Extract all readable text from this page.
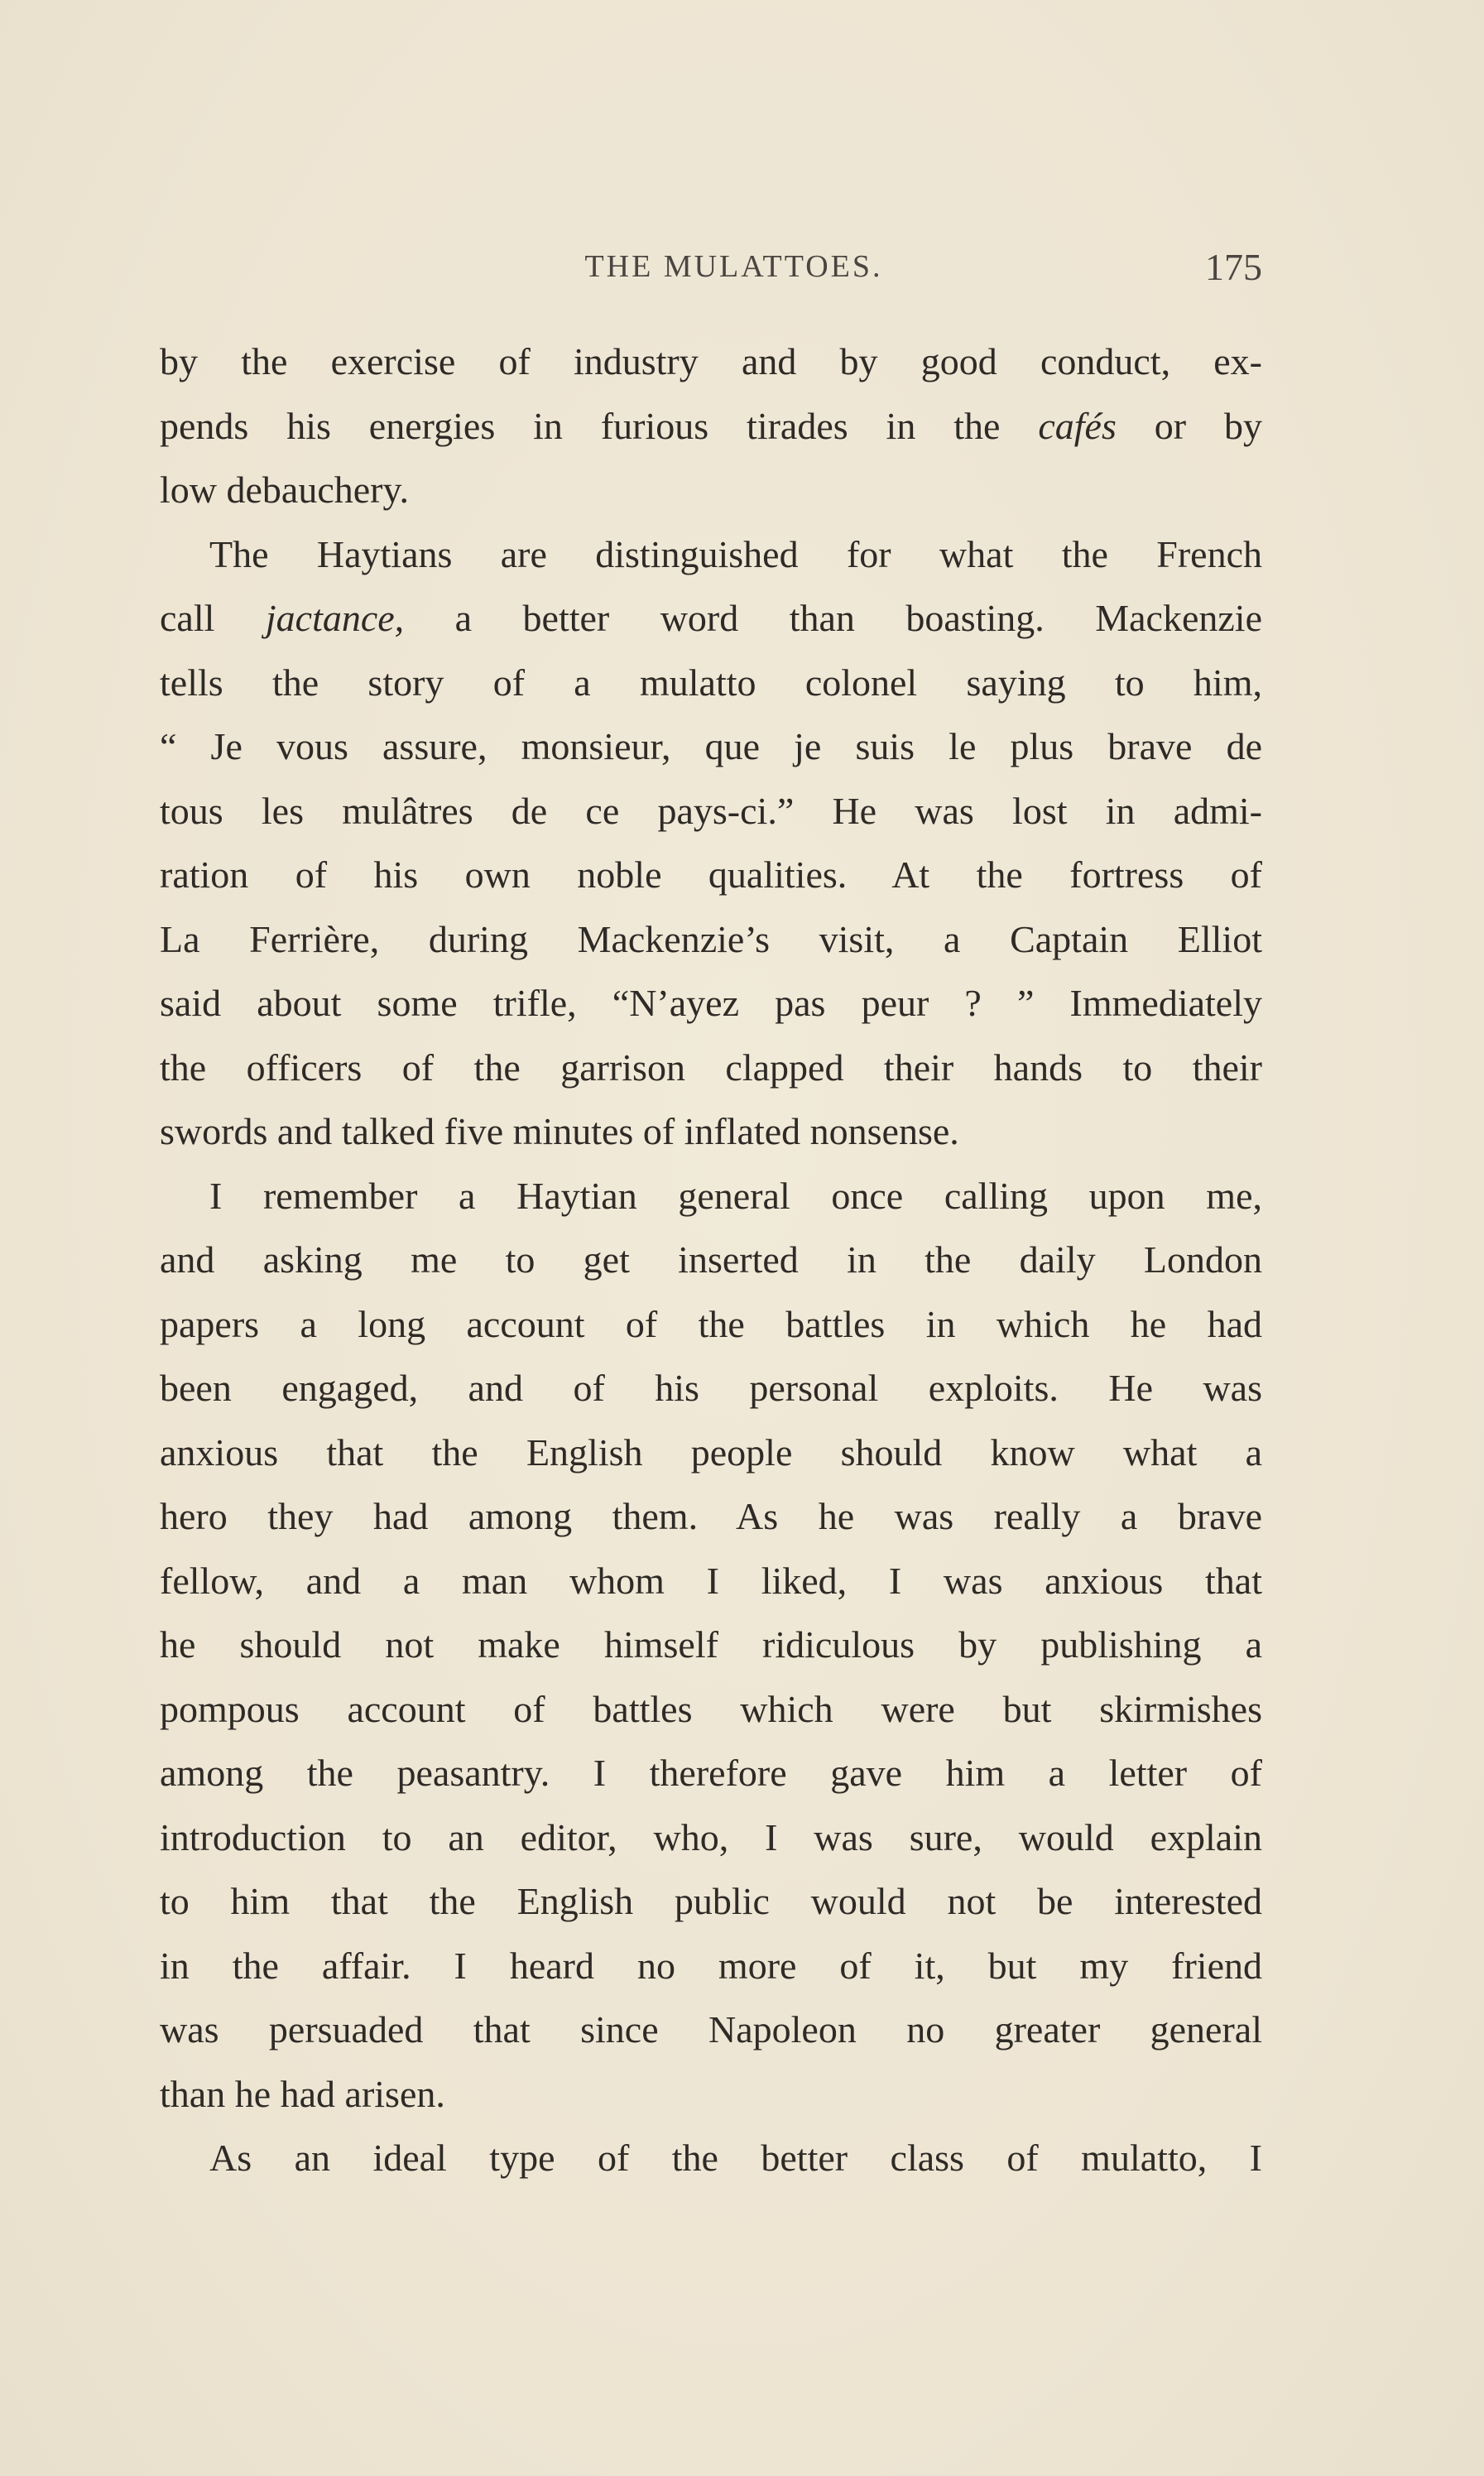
THE MULATTOES.	175
by the exercise of industry and by good conduct, ex-
pends his energies in furious tirades in the cafés or by
low debauchery.
The Haytians are distinguished for what the French
call jactance, a better word than boasting. Mackenzie
tells the story of a mulatto colonel saying to him,
“ Je vous assure, monsieur, que je suis le plus brave de
tous les mulâtres de ce pays-ci.” He was lost in admi-
ration of his own noble qualities. At the fortress of
La Ferrière, during Mackenzie’s visit, a Captain Elliot
said about some trifle, “N’ayez pas peur ? ” Immediately
the officers of the garrison clapped their hands to their
swords and talked five minutes of inflated nonsense.
I remember a Haytian general once calling upon me,
and asking me to get inserted in the daily London
papers a long account of the battles in which he had
been engaged, and of his personal exploits. He was
anxious that the English people should know what a
hero they had among them. As he was really a brave
fellow, and a man whom I liked, I was anxious that
he should not make himself ridiculous by publishing a
pompous account of battles which were but skirmishes
among the peasantry. I therefore gave him a letter of
introduction to an editor, who, I was sure, would explain
to him that the English public would not be interested
in the affair. I heard no more of it, but my friend
was persuaded that since Napoleon no greater general
than he had arisen.
As an ideal type of the better class of mulatto, I
